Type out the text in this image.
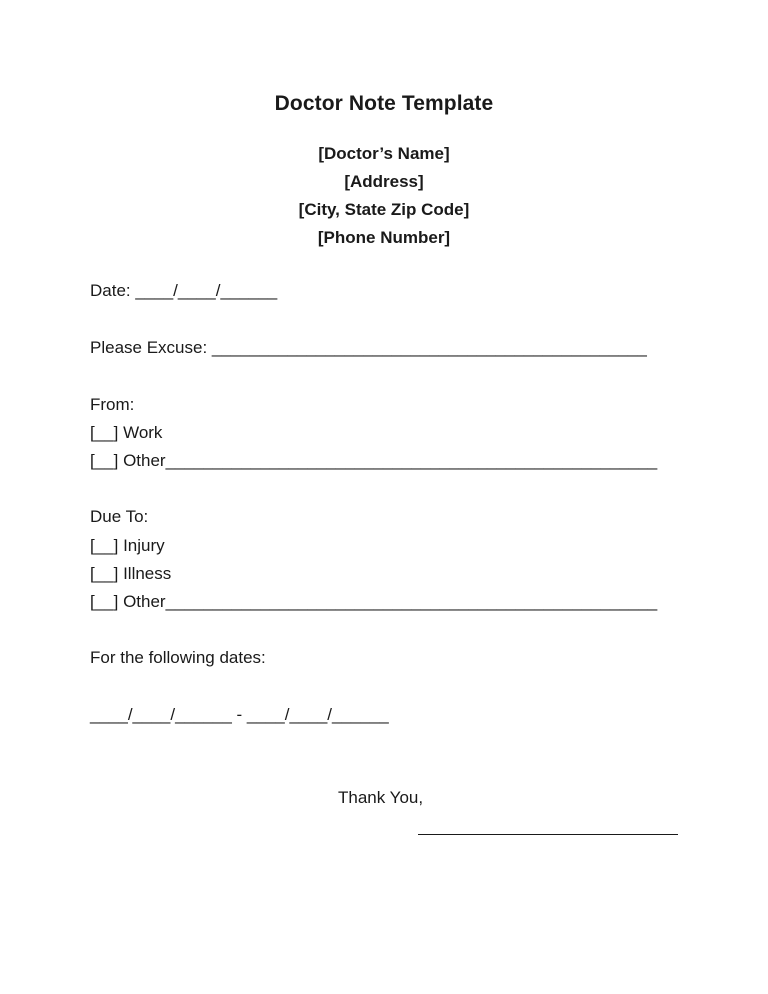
Doctor Note Template
[Doctor’s Name]
[Address]
[City, State Zip Code]
[Phone Number]
Date: ____/____/______
Please Excuse: ______________________________________________
From:
[__] Work
[__] Other____________________________________________________
Due To:
[__] Injury
[__] Illness
[__] Other____________________________________________________
For the following dates:
____/____/______ - ____/____/______
Thank You,
